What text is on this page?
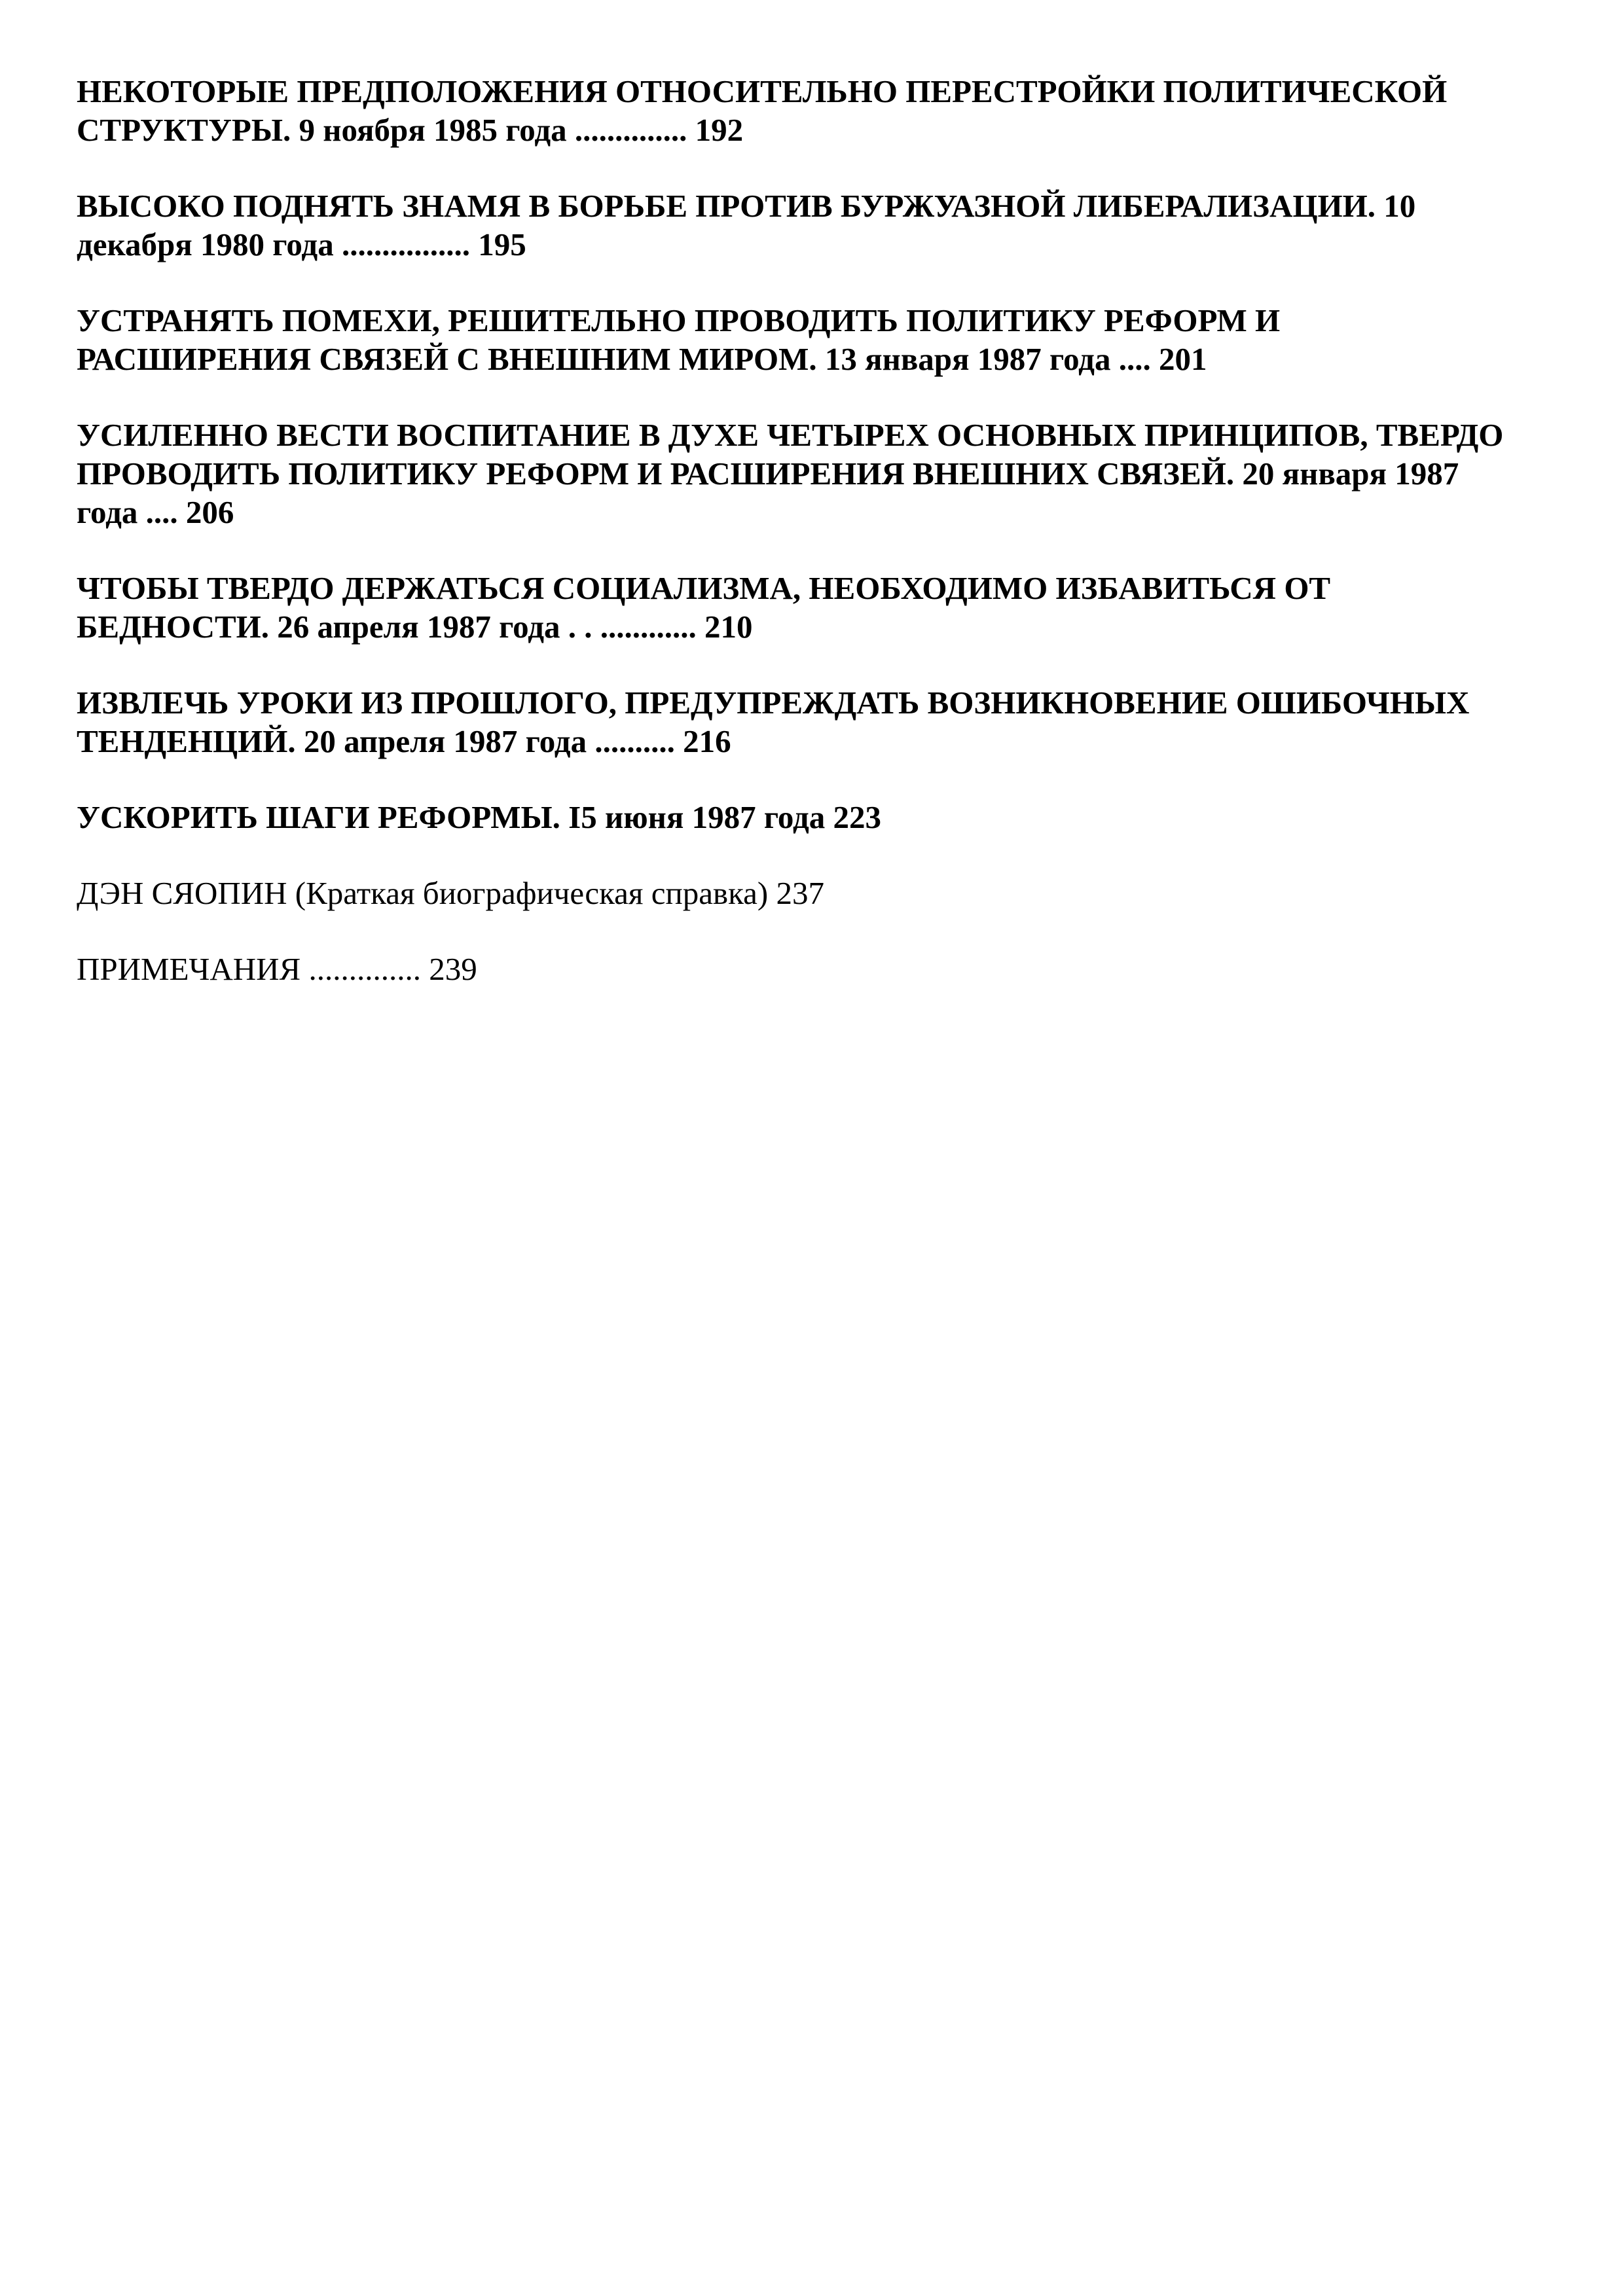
НЕКОТОРЫЕ ПРЕДПОЛОЖЕНИЯ ОТНОСИТЕЛЬНО ПЕРЕСТРОЙКИ ПОЛИТИЧЕСКОЙ
СТРУКТУРЫ. 9 ноября 1985 года .............. 192
ВЫСОКО ПОДНЯТЬ ЗНАМЯ В БОРЬБЕ ПРОТИВ БУРЖУАЗНОЙ ЛИБЕРАЛИЗАЦИИ. 10
декабря 1980 года ................ 195
УСТРАНЯТЬ ПОМЕХИ, РЕШИТЕЛЬНО ПРОВОДИТЬ ПОЛИТИКУ РЕФОРМ И
РАСШИРЕНИЯ СВЯЗЕЙ С ВНЕШНИМ МИРОМ. 13 января 1987 года .... 201
УСИЛЕННО ВЕСТИ ВОСПИТАНИЕ В ДУХЕ ЧЕТЫРЕХ ОСНОВНЫХ ПРИНЦИПОВ, ТВЕРДО
ПРОВОДИТЬ ПОЛИТИКУ РЕФОРМ И РАСШИРЕНИЯ ВНЕШНИХ СВЯЗЕЙ. 20 января 1987
года .... 206
ЧТОБЫ ТВЕРДО ДЕРЖАТЬСЯ СОЦИАЛИЗМА, НЕОБХОДИМО ИЗБАВИТЬСЯ ОТ
БЕДНОСТИ. 26 апреля 1987 года . . ............ 210
ИЗВЛЕЧЬ УРОКИ ИЗ ПРОШЛОГО, ПРЕДУПРЕЖДАТЬ ВОЗНИКНОВЕНИЕ ОШИБОЧНЫХ
ТЕНДЕНЦИЙ. 20 апреля 1987 года .......... 216
УСКОРИТЬ ШАГИ РЕФОРМЫ. I5 июня 1987 года 223
ДЭН СЯОПИН (Краткая биографическая справка) 237
ПРИМЕЧАНИЯ .............. 239
